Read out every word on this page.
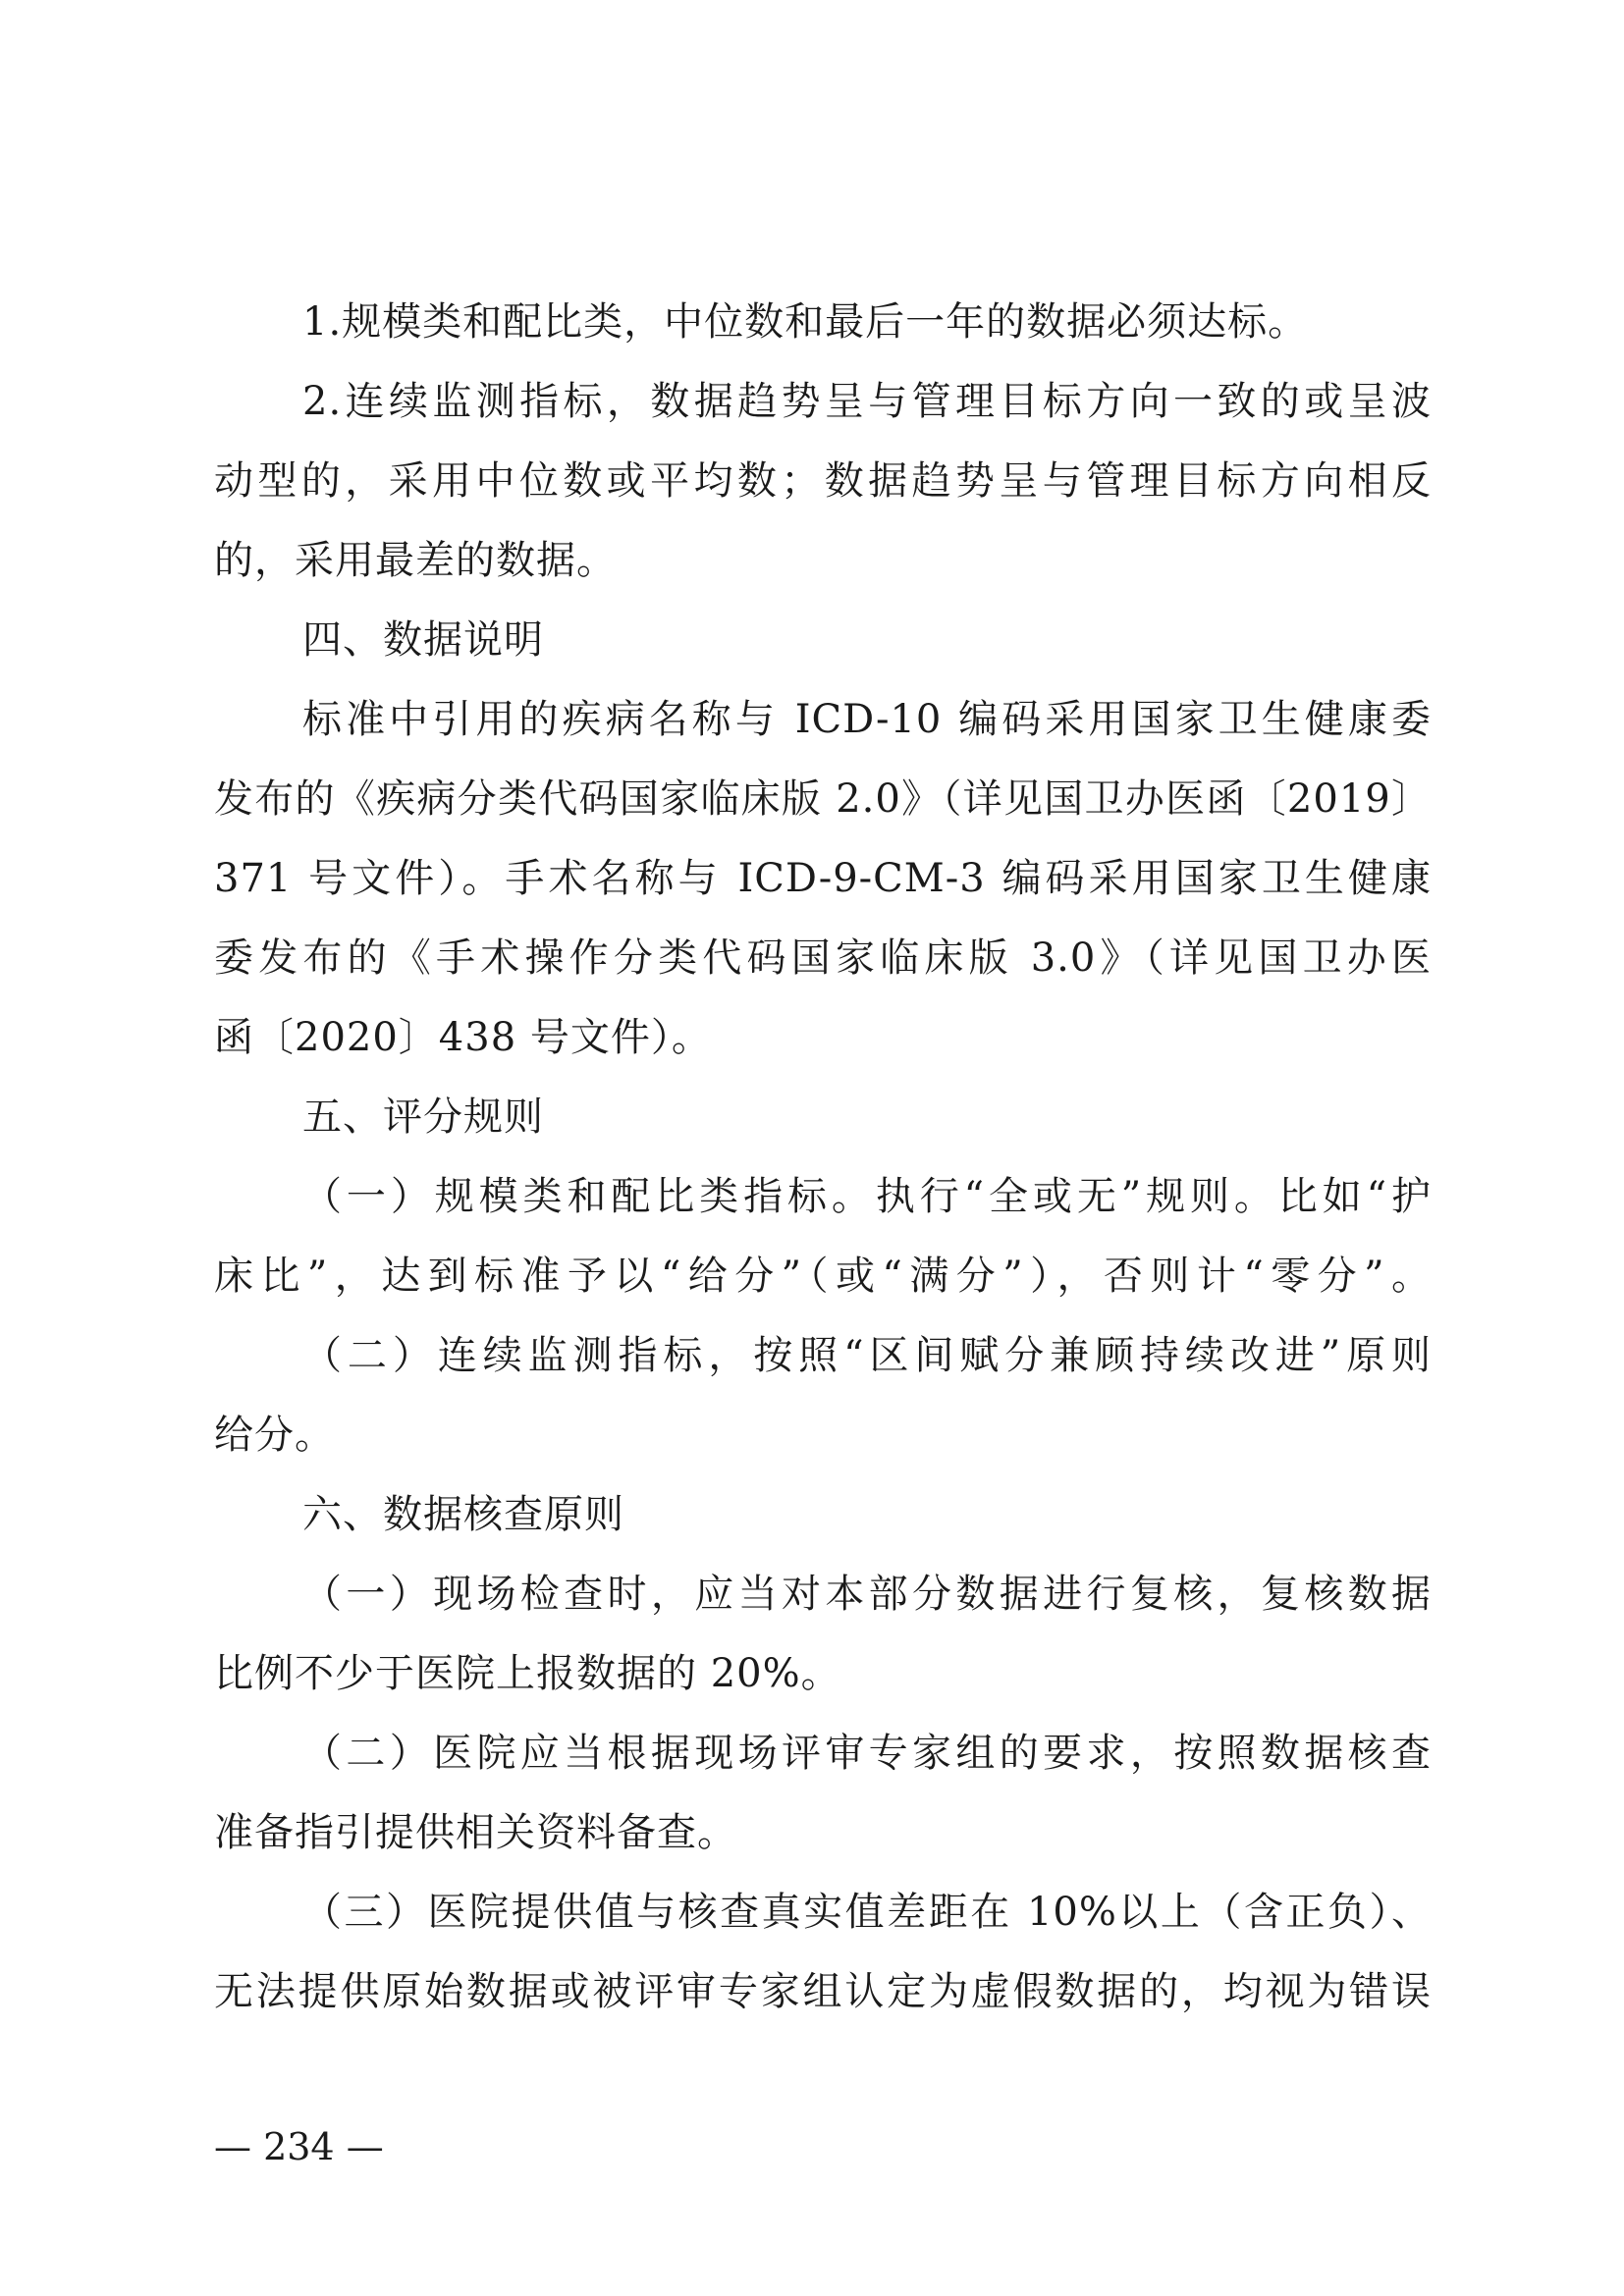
1.规模类和配比类，中位数和最后一年的数据必须达标。
2.连续监测指标，数据趋势呈与管理目标方向一致的或呈波
动型的，采用中位数或平均数；数据趋势呈与管理目标方向相反
的，采用最差的数据。
四、数据说明
标准中引用的疾病名称与 ICD-10 编码采用国家卫生健康委
发布的《疾病分类代码国家临床版 2.0》（详见国卫办医函〔2019〕
371 号文件）。手术名称与 ICD-9-CM-3 编码采用国家卫生健康
委发布的《手术操作分类代码国家临床版 3.0》（详见国卫办医
函〔2020〕438 号文件）。
五、评分规则
（一）规模类和配比类指标。执行“全或无”规则。比如“护
床比”，达到标准予以“给分”（或“满分”），否则计“零分”。
（二）连续监测指标，按照“区间赋分兼顾持续改进”原则
给分。
六、数据核查原则
（一）现场检查时，应当对本部分数据进行复核，复核数据
比例不少于医院上报数据的 20%。
（二）医院应当根据现场评审专家组的要求，按照数据核查
准备指引提供相关资料备查。
（三）医院提供值与核查真实值差距在 10%以上（含正负）、
无法提供原始数据或被评审专家组认定为虚假数据的，均视为错误
— 234 —
